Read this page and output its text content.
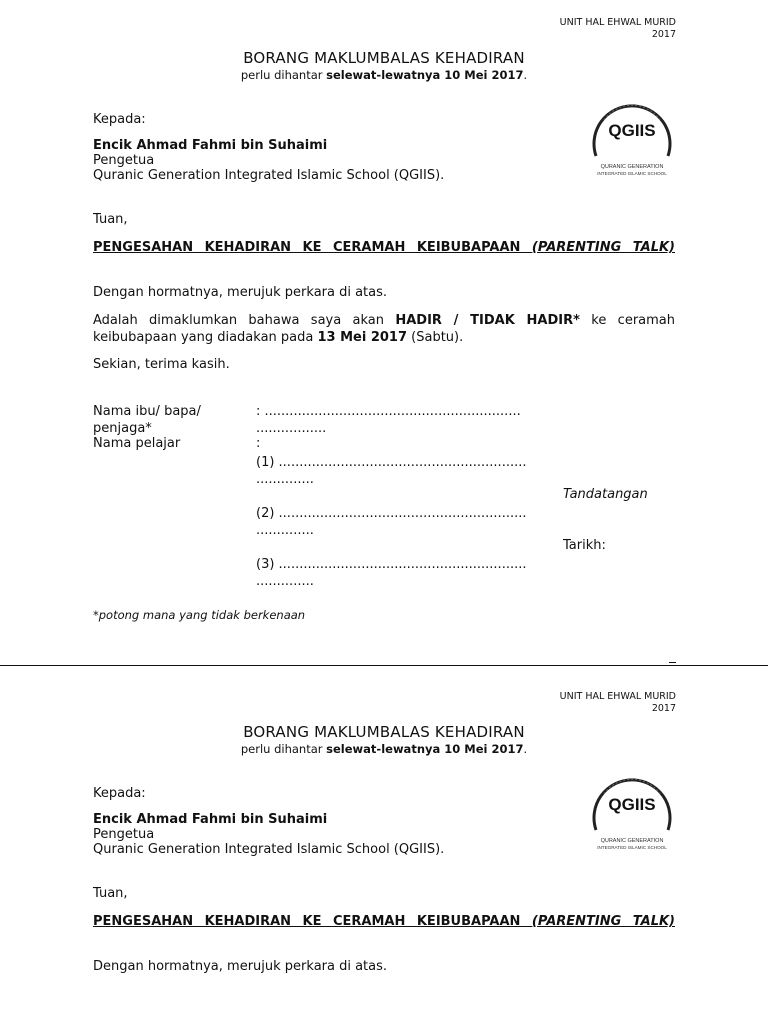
UNIT HAL EHWAL MURID
2017
BORANG MAKLUMBALAS KEHADIRAN
perlu dihantar selewat-lewatnya 10 Mei 2017.
Kepada:
Encik Ahmad Fahmi bin Suhaimi
Pengetua
Quranic Generation Integrated Islamic School (QGIIS).
QGIIS
QURANIC GENERATION
INTEGRATED ISLAMIC SCHOOL
Tuan,
PENGESAHAN KEHADIRAN KE CERAMAH KEIBUBAPAAN (PARENTING TALK)
Dengan hormatnya, merujuk perkara di atas.
Adalah dimaklumkan bahawa saya akan HADIR / TIDAK HADIR* ke ceramah keibubapaan yang diadakan pada 13 Mei 2017 (Sabtu).
Sekian, terima kasih.
Nama ibu/ bapa/
penjaga*
: ..............................................................
.................
Nama pelajar	:
(1) ............................................................
..............
Tandatangan
(2) ............................................................
..............
Tarikh:
(3) ............................................................
..............
*potong mana yang tidak berkenaan
UNIT HAL EHWAL MURID
2017
BORANG MAKLUMBALAS KEHADIRAN
perlu dihantar selewat-lewatnya 10 Mei 2017.
Kepada:
Encik Ahmad Fahmi bin Suhaimi
Pengetua
Quranic Generation Integrated Islamic School (QGIIS).
QGIIS
QURANIC GENERATION
INTEGRATED ISLAMIC SCHOOL
Tuan,
PENGESAHAN KEHADIRAN KE CERAMAH KEIBUBAPAAN (PARENTING TALK)
Dengan hormatnya, merujuk perkara di atas.
